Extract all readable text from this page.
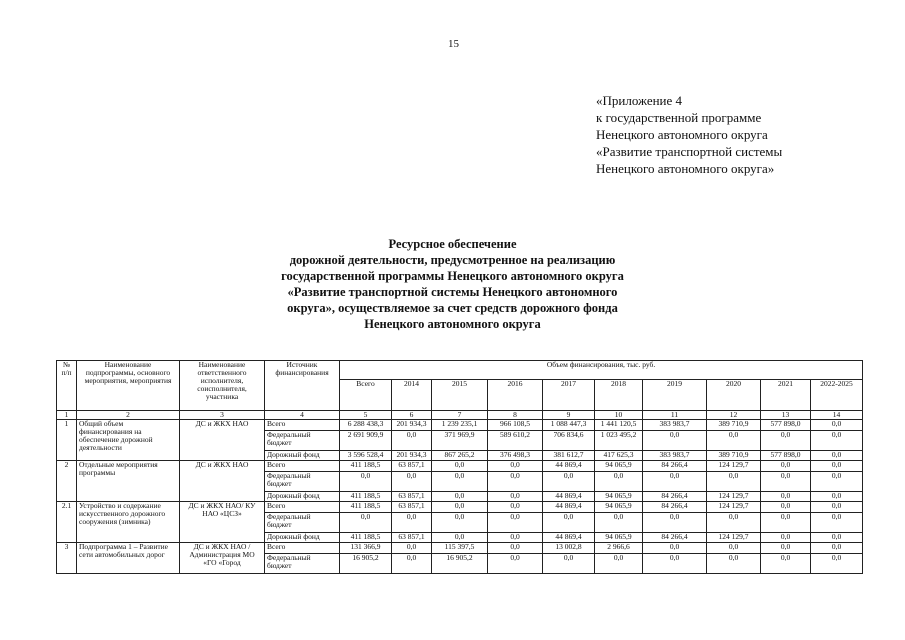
15
«Приложение 4
к государственной программе
Ненецкого автономного округа
«Развитие транспортной системы
Ненецкого автономного округа»
Ресурсное обеспечение
дорожной деятельности, предусмотренное на реализацию
государственной программы Ненецкого автономного округа
«Развитие транспортной системы Ненецкого автономного
округа», осуществляемое за счет средств дорожного фонда
Ненецкого автономного округа
№ п/п	Наименование подпрограммы, основного мероприятия, мероприятия	Наименование ответственного исполнителя, соисполнителя, участника	Источник финансирования	Объем финансирования, тыс. руб.									
				Всего	2014	2015	2016	2017	2018	2019	2020	2021	2022-2025
1	2	3	4	5	6	7	8	9	10	11	12	13	14
1	Общий объем финансирования на обеспечение дорожной деятельности	ДС и ЖКХ НАО	Всего	6 288 438,3	201 934,3	1 239 235,1	966 108,5	1 088 447,3	1 441 120,5	383 983,7	389 710,9	577 898,0	0,0
			Федеральный бюджет	2 691 909,9	0,0	371 969,9	589 610,2	706 834,6	1 023 495,2	0,0	0,0	0,0	0,0
			Дорожный фонд	3 596 528,4	201 934,3	867 265,2	376 498,3	381 612,7	417 625,3	383 983,7	389 710,9	577 898,0	0,0
2	Отдельные мероприятия программы	ДС и ЖКХ НАО	Всего	411 188,5	63 857,1	0,0	0,0	44 869,4	94 065,9	84 266,4	124 129,7	0,0	0,0
			Федеральный бюджет	0,0	0,0	0,0	0,0	0,0	0,0	0,0	0,0	0,0	0,0
			Дорожный фонд	411 188,5	63 857,1	0,0	0,0	44 869,4	94 065,9	84 266,4	124 129,7	0,0	0,0
2.1	Устройство и содержание искусственного дорожного сооружения (зимника)	ДС и ЖКХ НАО/ КУ НАО «ЦСЗ»	Всего	411 188,5	63 857,1	0,0	0,0	44 869,4	94 065,9	84 266,4	124 129,7	0,0	0,0
			Федеральный бюджет	0,0	0,0	0,0	0,0	0,0	0,0	0,0	0,0	0,0	0,0
			Дорожный фонд	411 188,5	63 857,1	0,0	0,0	44 869,4	94 065,9	84 266,4	124 129,7	0,0	0,0
3	Подпрограмма 1 – Развитие сети автомобильных дорог	ДС и ЖКХ НАО / Администрация МО «ГО «Город	Всего	131 366,9	0,0	115 397,5	0,0	13 002,8	2 966,6	0,0	0,0	0,0	0,0
			Федеральный бюджет	16 905,2	0,0	16 905,2	0,0	0,0	0,0	0,0	0,0	0,0	0,0
